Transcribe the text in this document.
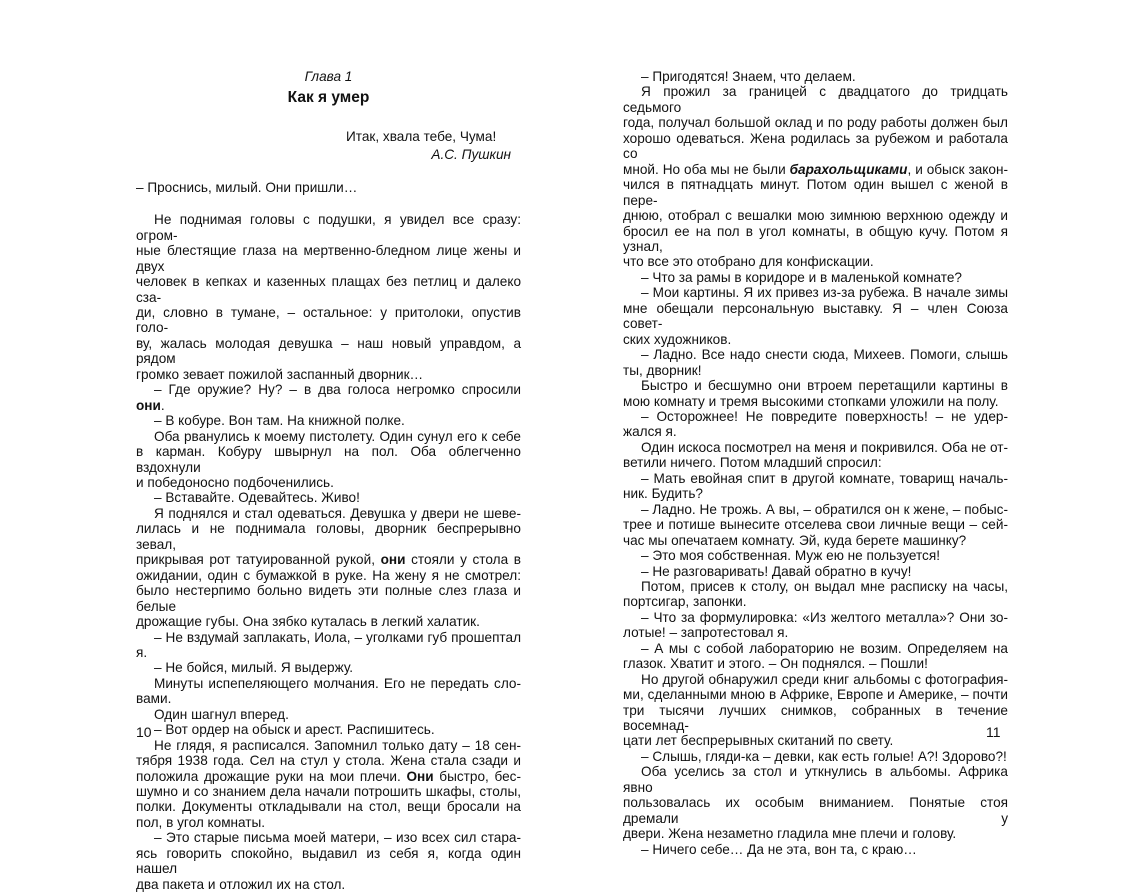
Глава 1

Как я умер

Итак, хвала тебе, Чума!

А.С. Пушкин

– Проснись, милый. Они пришли…

Не поднимая головы с подушки, я увидел все сразу: огром-

ные блестящие глаза на мертвенно-бледном лице жены и двух

человек в кепках и казенных плащах без петлиц и далеко сза-

ди, словно в тумане, – остальное: у притолоки, опустив голо-

ву, жалась молодая девушка – наш новый управдом, а рядом

громко зевает пожилой заспанный дворник…

– Где оружие? Ну? – в два голоса негромко спросили они.

– В кобуре. Вон там. На книжной полке.

Оба рванулись к моему пистолету. Один сунул его к себе

в карман. Кобуру швырнул на пол. Оба облегченно вздохнули

и победоносно подбоченились.

– Вставайте. Одевайтесь. Живо!

Я поднялся и стал одеваться. Девушка у двери не шеве-

лилась и не поднимала головы, дворник беспрерывно зевал,

прикрывая рот татуированной рукой, они стояли у стола в

ожидании, один с бумажкой в руке. На жену я не смотрел:

было нестерпимо больно видеть эти полные слез глаза и белые

дрожащие губы. Она зябко куталась в легкий халатик.

– Не вздумай заплакать, Иола, – уголками губ прошептал я.

– Не бойся, милый. Я выдержу.

Минуты испепеляющего молчания. Его не передать сло-

вами.

Один шагнул вперед.

– Вот ордер на обыск и арест. Распишитесь.

Не глядя, я расписался. Запомнил только дату – 18 сен-

тября 1938 года. Сел на стул у стола. Жена стала сзади и

положила дрожащие руки на мои плечи. Они быстро, бес-

шумно и со знанием дела начали потрошить шкафы, столы,

полки. Документы откладывали на стол, вещи бросали на

пол, в угол комнаты.

– Это старые письма моей матери, – изо всех сил стара-

ясь говорить спокойно, выдавил из себя я, когда один нашел

два пакета и отложил их на стол.

10

– Пригодятся! Знаем, что делаем.

Я прожил за границей с двадцатого до тридцать седьмого

года, получал большой оклад и по роду работы должен был

хорошо одеваться. Жена родилась за рубежом и работала со

мной. Но оба мы не были барахольщиками, и обыск закон-

чился в пятнадцать минут. Потом один вышел с женой в пере-

днюю, отобрал с вешалки мою зимнюю верхнюю одежду и

бросил ее на пол в угол комнаты, в общую кучу. Потом я узнал,

что все это отобрано для конфискации.

– Что за рамы в коридоре и в маленькой комнате?

– Мои картины. Я их привез из-за рубежа. В начале зимы

мне обещали персональную выставку. Я – член Союза совет-

ских художников.

– Ладно. Все надо снести сюда, Михеев. Помоги, слышь

ты, дворник!

Быстро и бесшумно они втроем перетащили картины в

мою комнату и тремя высокими стопками уложили на полу.

– Осторожнее! Не повредите поверхность! – не удер-

жался я.

Один искоса посмотрел на меня и покривился. Оба не от-

ветили ничего. Потом младший спросил:

– Мать евойная спит в другой комнате, товарищ началь-

ник. Будить?

– Ладно. Не трожь. А вы, – обратился он к жене, – побыс-

трее и потише вынесите отселева свои личные вещи – сей-

час мы опечатаем комнату. Эй, куда берете машинку?

– Это моя собственная. Муж ею не пользуется!

– Не разговаривать! Давай обратно в кучу!

Потом, присев к столу, он выдал мне расписку на часы,

портсигар, запонки.

– Что за формулировка: «Из желтого металла»? Они зо-

лотые! – запротестовал я.

– А мы с собой лабораторию не возим. Определяем на

глазок. Хватит и этого. – Он поднялся. – Пошли!

Но другой обнаружил среди книг альбомы с фотография-

ми, сделанными мною в Африке, Европе и Америке, – почти

три тысячи лучших снимков, собранных в течение восемнад-

цати лет беспрерывных скитаний по свету.

– Слышь, гляди-ка – девки, как есть голые! А?! Здорово?!

Оба уселись за стол и уткнулись в альбомы. Африка явно

пользовалась их особым вниманием. Понятые стоя дремали у

двери. Жена незаметно гладила мне плечи и голову.

– Ничего себе… Да не эта, вон та, с краю…

11
